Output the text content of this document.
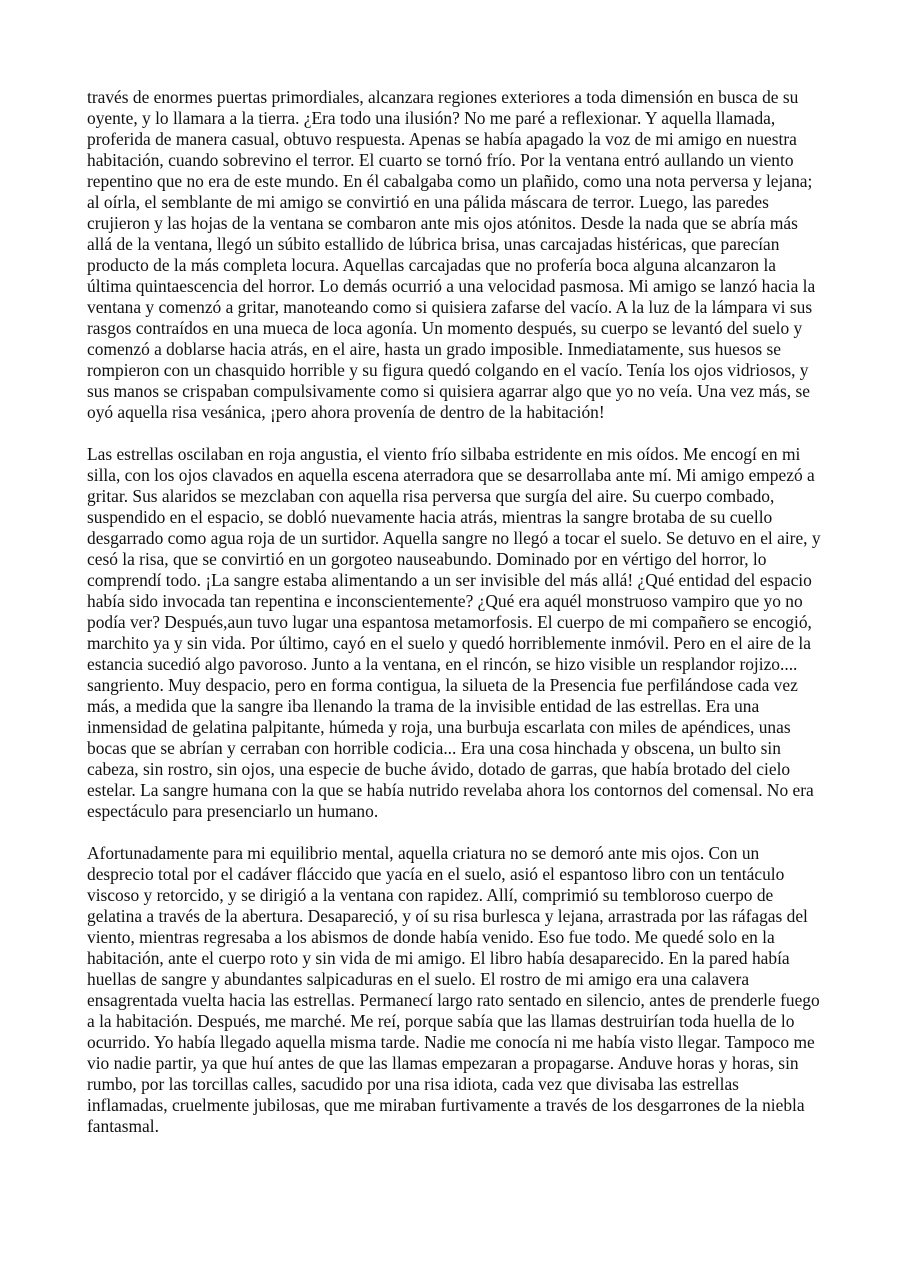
través de enormes puertas primordiales, alcanzara regiones exteriores a toda dimensión en busca de su oyente, y lo llamara a la tierra. ¿Era todo una ilusión? No me paré a reflexionar. Y aquella llamada, proferida de manera casual, obtuvo respuesta. Apenas se había apagado la voz de mi amigo en nuestra habitación, cuando sobrevino el terror. El cuarto se tornó frío. Por la ventana entró aullando un viento repentino que no era de este mundo. En él cabalgaba como un plañido, como una nota perversa y lejana; al oírla, el semblante de mi amigo se convirtió en una pálida máscara de terror. Luego, las paredes crujieron y las hojas de la ventana se combaron ante mis ojos atónitos. Desde la nada que se abría más allá de la ventana, llegó un súbito estallido de lúbrica brisa, unas carcajadas histéricas, que parecían producto de la más completa locura. Aquellas carcajadas que no profería boca alguna alcanzaron la última quintaescencia del horror. Lo demás ocurrió a una velocidad pasmosa. Mi amigo se lanzó hacia la ventana y comenzó a gritar, manoteando como si quisiera zafarse del vacío. A la luz de la lámpara vi sus rasgos contraídos en una mueca de loca agonía. Un momento después, su cuerpo se levantó del suelo y comenzó a doblarse hacia atrás, en el aire, hasta un grado imposible. Inmediatamente, sus huesos se rompieron con un chasquido horrible y su figura quedó colgando en el vacío. Tenía los ojos vidriosos, y sus manos se crispaban compulsivamente como si quisiera agarrar algo que yo no veía. Una vez más, se oyó aquella risa vesánica, ¡pero ahora provenía de dentro de la habitación!

Las estrellas oscilaban en roja angustia, el viento frío silbaba estridente en mis oídos. Me encogí en mi silla, con los ojos clavados en aquella escena aterradora que se desarrollaba ante mí. Mi amigo empezó a gritar. Sus alaridos se mezclaban con aquella risa perversa que surgía del aire. Su cuerpo combado, suspendido en el espacio, se dobló nuevamente hacia atrás, mientras la sangre brotaba de su cuello desgarrado como agua roja de un surtidor. Aquella sangre no llegó a tocar el suelo. Se detuvo en el aire, y cesó la risa, que se convirtió en un gorgoteo nauseabundo. Dominado por en vértigo del horror, lo comprendí todo. ¡La sangre estaba alimentando a un ser invisible del más allá! ¿Qué entidad del espacio había sido invocada tan repentina e inconscientemente? ¿Qué era aquél monstruoso vampiro que yo no podía ver? Después,aun tuvo lugar una espantosa metamorfosis. El cuerpo de mi compañero se encogió, marchito ya y sin vida. Por último, cayó en el suelo y quedó horriblemente inmóvil. Pero en el aire de la estancia sucedió algo pavoroso. Junto a la ventana, en el rincón, se hizo visible un resplandor rojizo.... sangriento. Muy despacio, pero en forma contigua, la silueta de la Presencia fue perfilándose cada vez más, a medida que la sangre iba llenando la trama de la invisible entidad de las estrellas. Era una inmensidad de gelatina palpitante, húmeda y roja, una burbuja escarlata con miles de apéndices, unas bocas que se abrían y cerraban con horrible codicia... Era una cosa hinchada y obscena, un bulto sin cabeza, sin rostro, sin ojos, una especie de buche ávido, dotado de garras, que había brotado del cielo estelar. La sangre humana con la que se había nutrido revelaba ahora los contornos del comensal. No era espectáculo para presenciarlo un humano.

Afortunadamente para mi equilibrio mental, aquella criatura no se demoró ante mis ojos. Con un desprecio total por el cadáver fláccido que yacía en el suelo, asió el espantoso libro con un tentáculo viscoso y retorcido, y se dirigió a la ventana con rapidez. Allí, comprimió su tembloroso cuerpo de gelatina a través de la abertura. Desapareció, y oí su risa burlesca y lejana, arrastrada por las ráfagas del viento, mientras regresaba a los abismos de donde había venido. Eso fue todo. Me quedé solo en la habitación, ante el cuerpo roto y sin vida de mi amigo. El libro había desaparecido. En la pared había huellas de sangre y abundantes salpicaduras en el suelo. El rostro de mi amigo era una calavera ensagrentada vuelta hacia las estrellas. Permanecí largo rato sentado en silencio, antes de prenderle fuego a la habitación. Después, me marché. Me reí, porque sabía que las llamas destruirían toda huella de lo ocurrido. Yo había llegado aquella misma tarde. Nadie me conocía ni me había visto llegar. Tampoco me vio nadie partir, ya que huí antes de que las llamas empezaran a propagarse. Anduve horas y horas, sin rumbo, por las torcillas calles, sacudido por una risa idiota, cada vez que divisaba las estrellas inflamadas, cruelmente jubilosas, que me miraban furtivamente a través de los desgarrones de la niebla fantasmal.
